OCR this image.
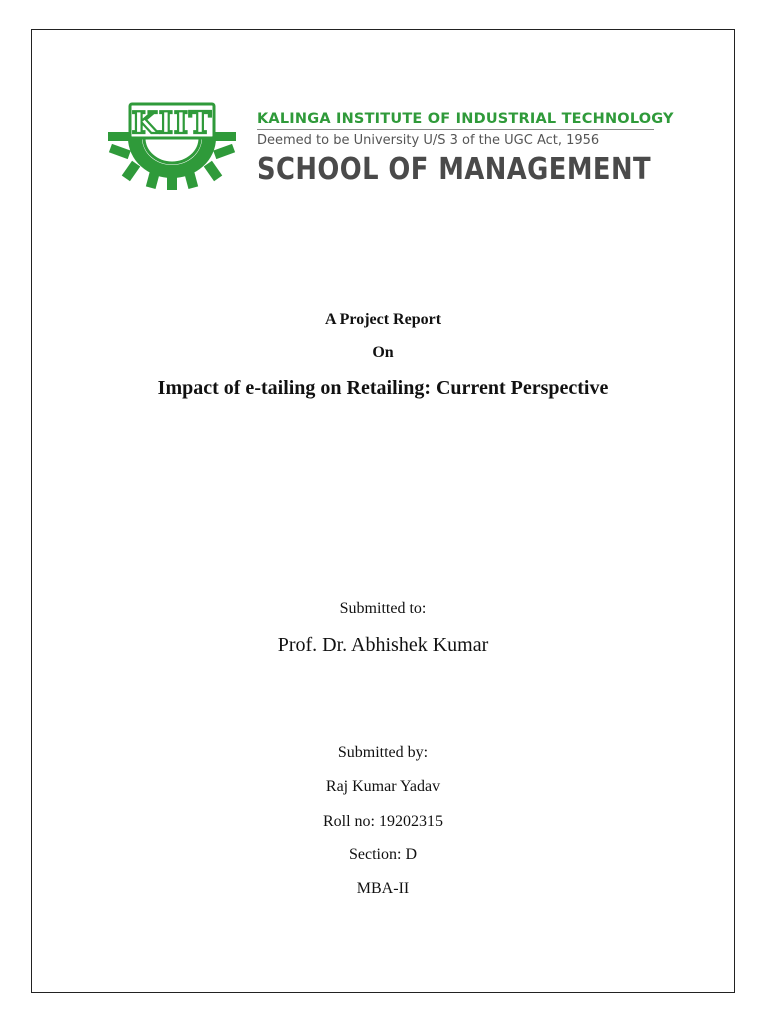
KIIT	KALINGA INSTITUTE OF INDUSTRIAL TECHNOLOGY
Deemed to be University U/S 3 of the UGC Act, 1956
SCHOOL OF MANAGEMENT
A Project Report
On
Impact of e-tailing on Retailing: Current Perspective
Submitted to:
Prof. Dr. Abhishek Kumar
Submitted by:
Raj Kumar Yadav
Roll no: 19202315
Section: D
MBA-II
